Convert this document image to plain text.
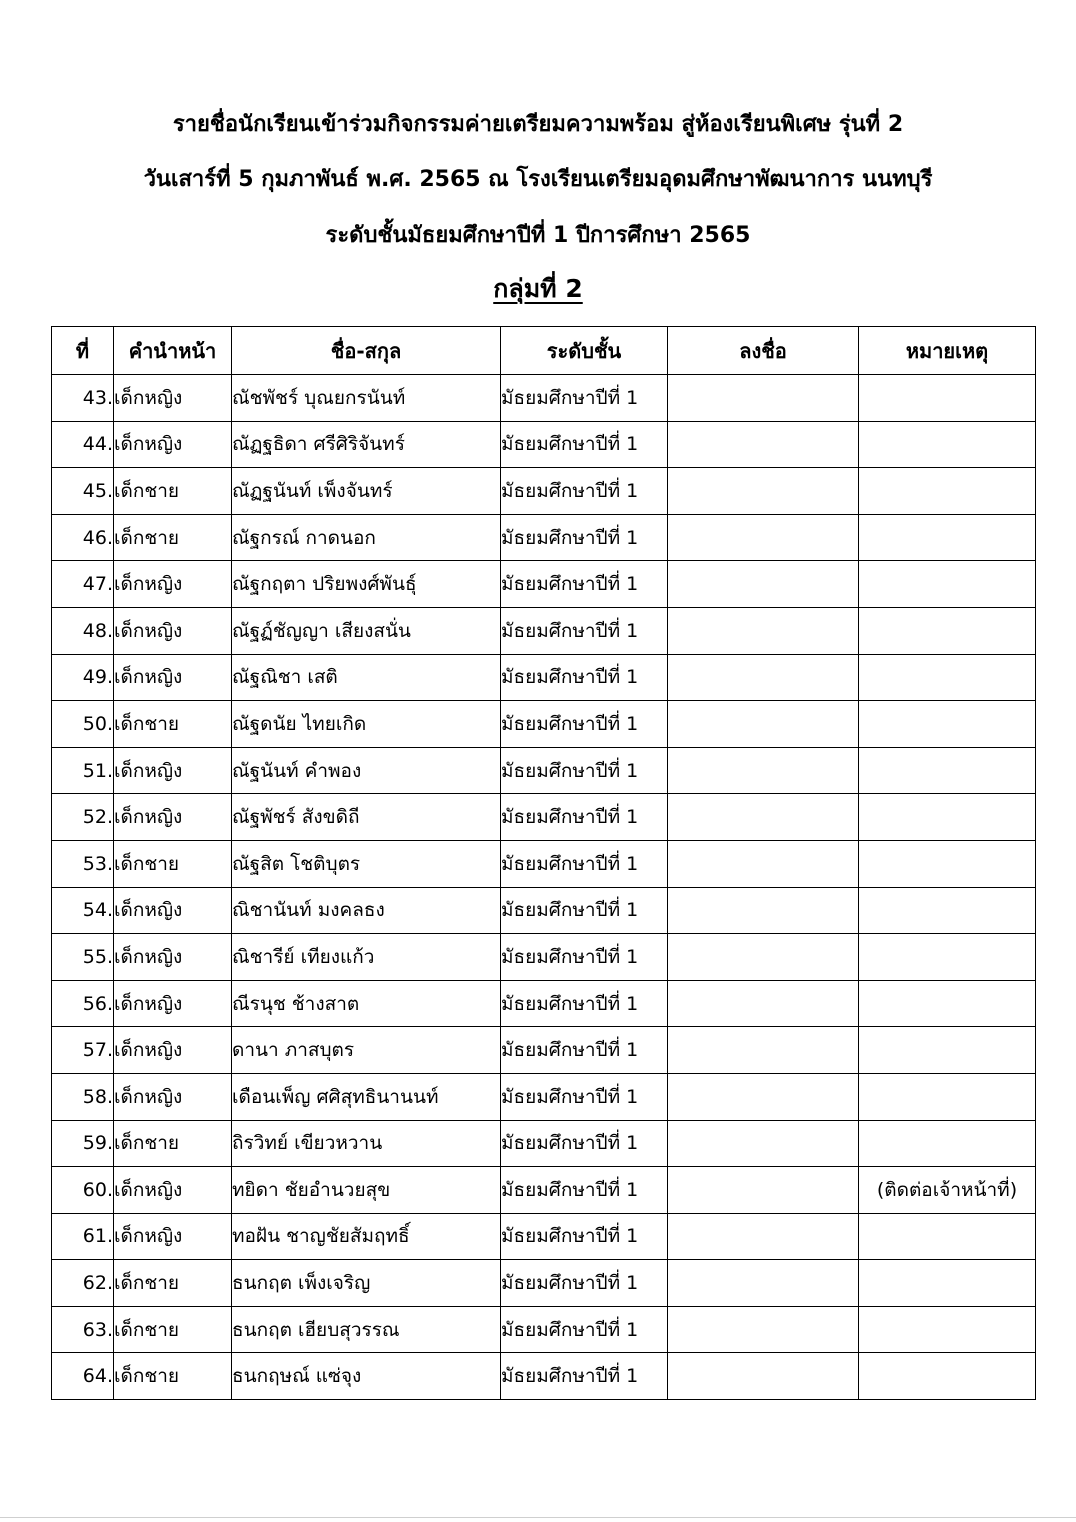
รายชื่อนักเรียนเข้าร่วมกิจกรรมค่ายเตรียมความพร้อม สู่ห้องเรียนพิเศษ รุ่นที่ 2
วันเสาร์ที่ 5 กุมภาพันธ์ พ.ศ. 2565 ณ โรงเรียนเตรียมอุดมศึกษาพัฒนาการ นนทบุรี
ระดับชั้นมัธยมศึกษาปีที่ 1 ปีการศึกษา 2565
กลุ่มที่ 2
ที่	คำนำหน้า	ชื่อ-สกุล	ระดับชั้น	ลงชื่อ	หมายเหตุ
43.	เด็กหญิง	ณัชพัชร์ บุณยกรนันท์	มัธยมศึกษาปีที่ 1		
44.	เด็กหญิง	ณัฏฐธิดา ศรีศิริจันทร์	มัธยมศึกษาปีที่ 1		
45.	เด็กชาย	ณัฏฐนันท์ เพ็งจันทร์	มัธยมศึกษาปีที่ 1		
46.	เด็กชาย	ณัฐกรณ์ กาดนอก	มัธยมศึกษาปีที่ 1		
47.	เด็กหญิง	ณัฐกฤตา ปริยพงศ์พันธุ์	มัธยมศึกษาปีที่ 1		
48.	เด็กหญิง	ณัฐฏ์ชัญญา เสียงสนั่น	มัธยมศึกษาปีที่ 1		
49.	เด็กหญิง	ณัฐณิชา เสติ	มัธยมศึกษาปีที่ 1		
50.	เด็กชาย	ณัฐดนัย ไทยเกิด	มัธยมศึกษาปีที่ 1		
51.	เด็กหญิง	ณัฐนันท์ คำพอง	มัธยมศึกษาปีที่ 1		
52.	เด็กหญิง	ณัฐพัชร์ สังขดิถี	มัธยมศึกษาปีที่ 1		
53.	เด็กชาย	ณัฐสิต โชติบุตร	มัธยมศึกษาปีที่ 1		
54.	เด็กหญิง	ณิชานันท์ มงคลธง	มัธยมศึกษาปีที่ 1		
55.	เด็กหญิง	ณิชารีย์ เทียงแก้ว	มัธยมศึกษาปีที่ 1		
56.	เด็กหญิง	ณีรนุช ช้างสาต	มัธยมศึกษาปีที่ 1		
57.	เด็กหญิง	ดานา ภาสบุตร	มัธยมศึกษาปีที่ 1		
58.	เด็กหญิง	เดือนเพ็ญ ศศิสุทธินานนท์	มัธยมศึกษาปีที่ 1		
59.	เด็กชาย	ถิรวิทย์ เขียวหวาน	มัธยมศึกษาปีที่ 1		
60.	เด็กหญิง	ทยิดา ชัยอำนวยสุข	มัธยมศึกษาปีที่ 1		(ติดต่อเจ้าหน้าที่)
61.	เด็กหญิง	ทอฝัน ชาญชัยสัมฤทธิ์	มัธยมศึกษาปีที่ 1		
62.	เด็กชาย	ธนกฤต เพ็งเจริญ	มัธยมศึกษาปีที่ 1		
63.	เด็กชาย	ธนกฤต เฮียบสุวรรณ	มัธยมศึกษาปีที่ 1		
64.	เด็กชาย	ธนกฤษณ์ แซ่จุง	มัธยมศึกษาปีที่ 1		
